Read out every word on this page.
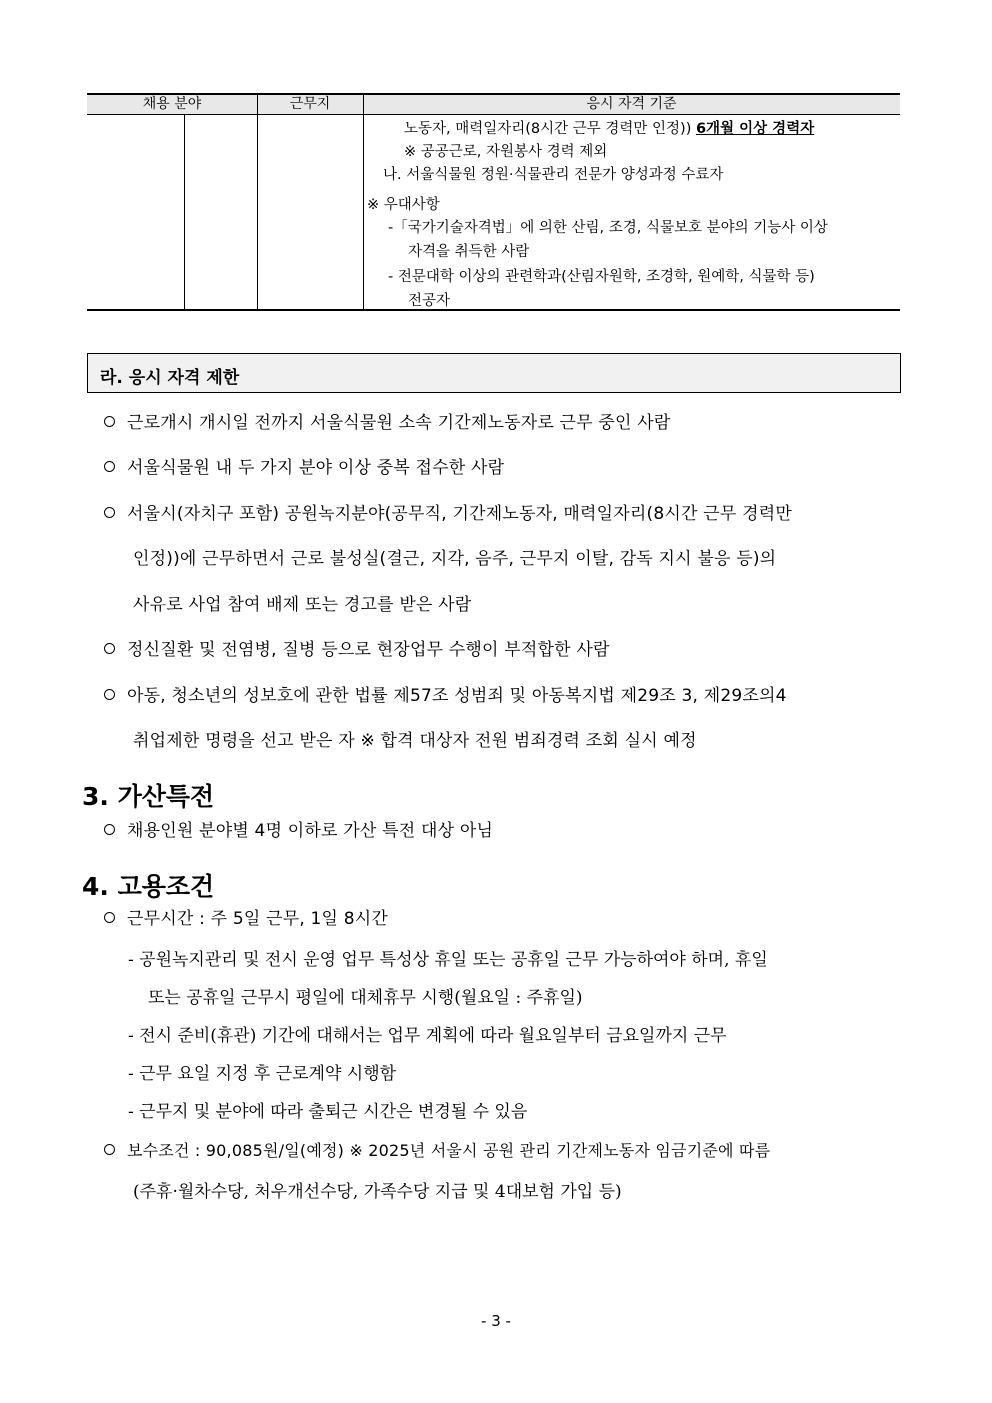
채용 분야	근무지	응시 자격 기준
노동자, 매력일자리(8시간 근무 경력만 인정)) 6개월 이상 경력자
※ 공공근로, 자원봉사 경력 제외
나. 서울식물원 정원·식물관리 전문가 양성과정 수료자
※ 우대사항
-「국가기술자격법」에 의한 산림, 조경, 식물보호 분야의 기능사 이상
자격을 취득한 사람
- 전문대학 이상의 관련학과(산림자원학, 조경학, 원예학, 식물학 등)
전공자
라. 응시 자격 제한
근로개시 개시일 전까지 서울식물원 소속 기간제노동자로 근무 중인 사람
서울식물원 내 두 가지 분야 이상 중복 접수한 사람
서울시(자치구 포함) 공원녹지분야(공무직, 기간제노동자, 매력일자리(8시간 근무 경력만
인정))에 근무하면서 근로 불성실(결근, 지각, 음주, 근무지 이탈, 감독 지시 불응 등)의
사유로 사업 참여 배제 또는 경고를 받은 사람
정신질환 및 전염병, 질병 등으로 현장업무 수행이 부적합한 사람
아동, 청소년의 성보호에 관한 법률 제57조 성범죄 및 아동복지법 제29조 3, 제29조의4
취업제한 명령을 선고 받은 자 ※ 합격 대상자 전원 범죄경력 조회 실시 예정
3. 가산특전
채용인원 분야별 4명 이하로 가산 특전 대상 아님
4. 고용조건
근무시간 : 주 5일 근무, 1일 8시간
- 공원녹지관리 및 전시 운영 업무 특성상 휴일 또는 공휴일 근무 가능하여야 하며, 휴일
또는 공휴일 근무시 평일에 대체휴무 시행(월요일 : 주휴일)
- 전시 준비(휴관) 기간에 대해서는 업무 계획에 따라 월요일부터 금요일까지 근무
- 근무 요일 지정 후 근로계약 시행함
- 근무지 및 분야에 따라 출퇴근 시간은 변경될 수 있음
보수조건 : 90,085원/일(예정) ※ 2025년 서울시 공원 관리 기간제노동자 임금기준에 따름
(주휴·월차수당, 처우개선수당, 가족수당 지급 및 4대보험 가입 등)
- 3 -
